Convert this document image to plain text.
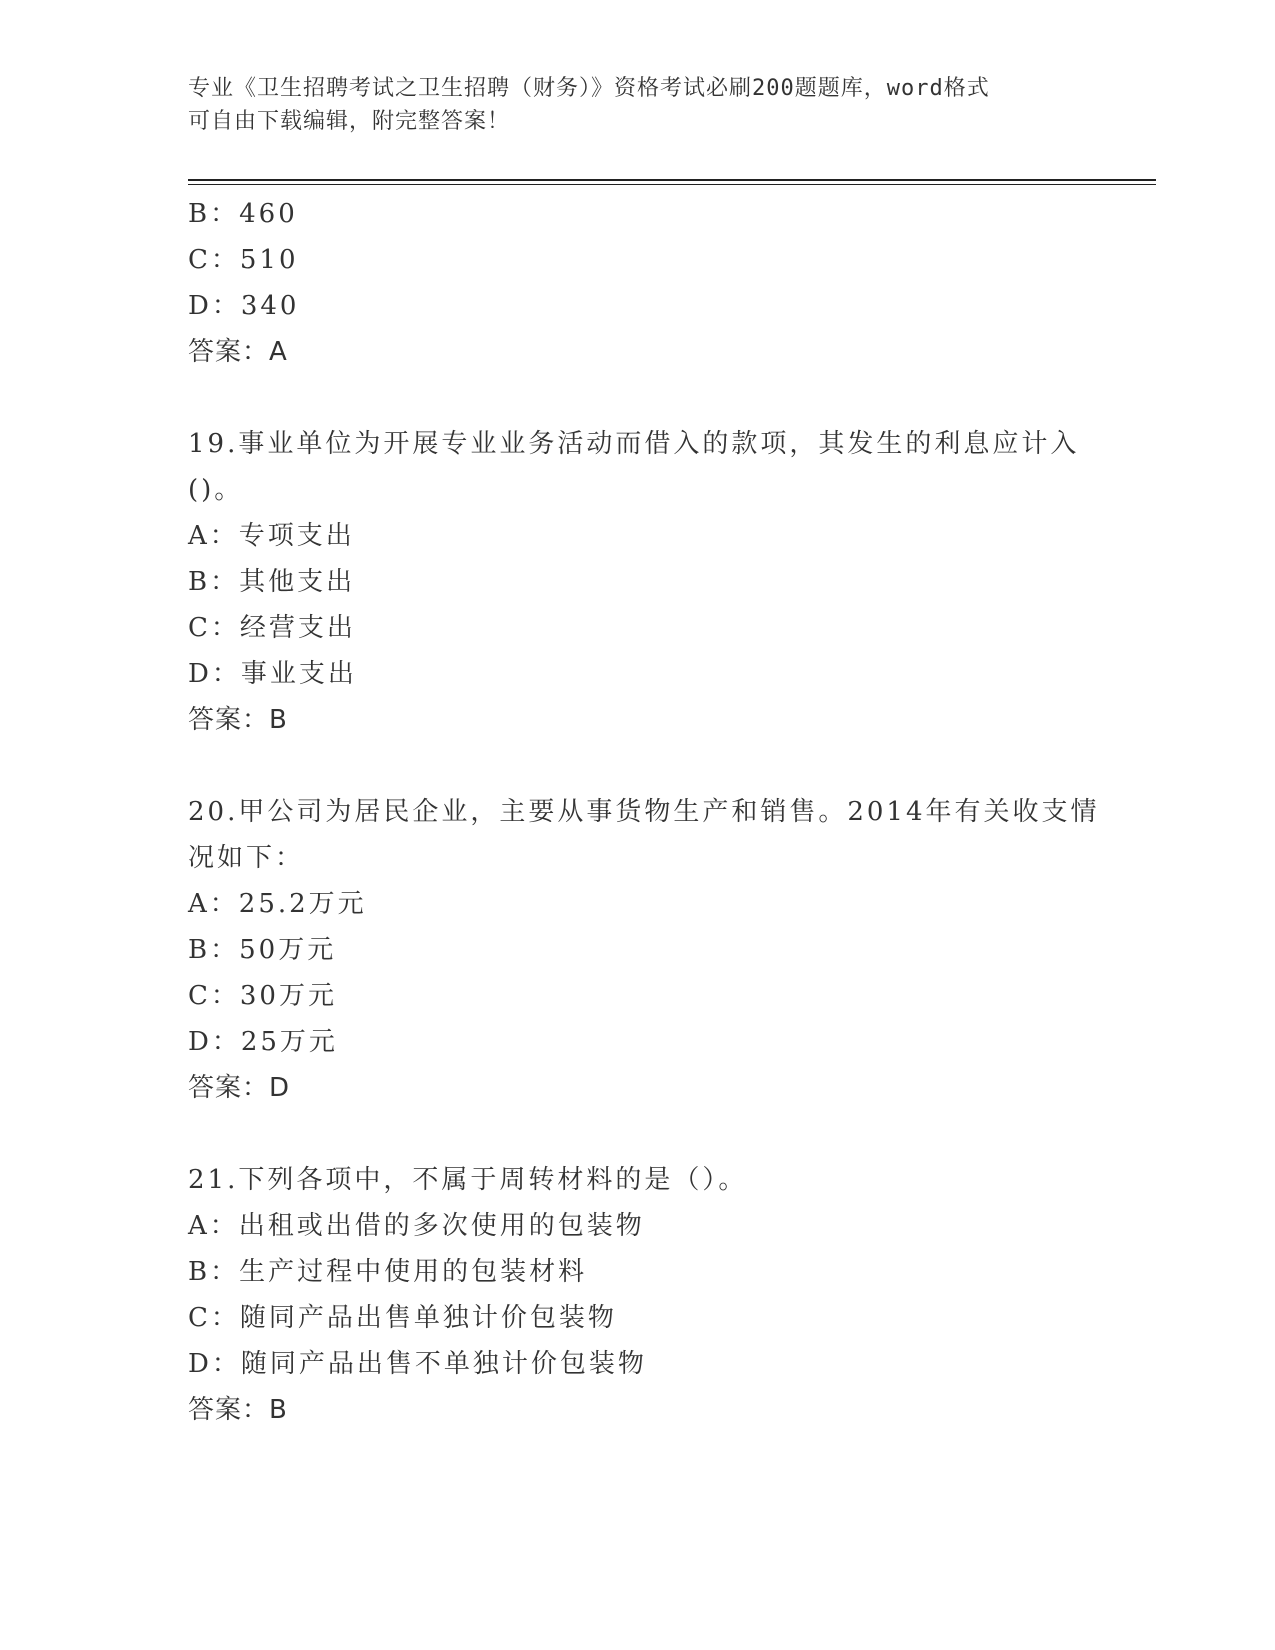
专业《卫生招聘考试之卫生招聘（财务）》资格考试必刷200题题库，word格式
可自由下载编辑，附完整答案！
B：460
C：510
D：340
答案：A
19.事业单位为开展专业业务活动而借入的款项，其发生的利息应计入
()。
A：专项支出
B：其他支出
C：经营支出
D：事业支出
答案：B
20.甲公司为居民企业，主要从事货物生产和销售。2014年有关收支情
况如下：
A：25.2万元
B：50万元
C：30万元
D：25万元
答案：D
21.下列各项中，不属于周转材料的是（）。
A：出租或出借的多次使用的包装物
B：生产过程中使用的包装材料
C：随同产品出售单独计价包装物
D：随同产品出售不单独计价包装物
答案：B
